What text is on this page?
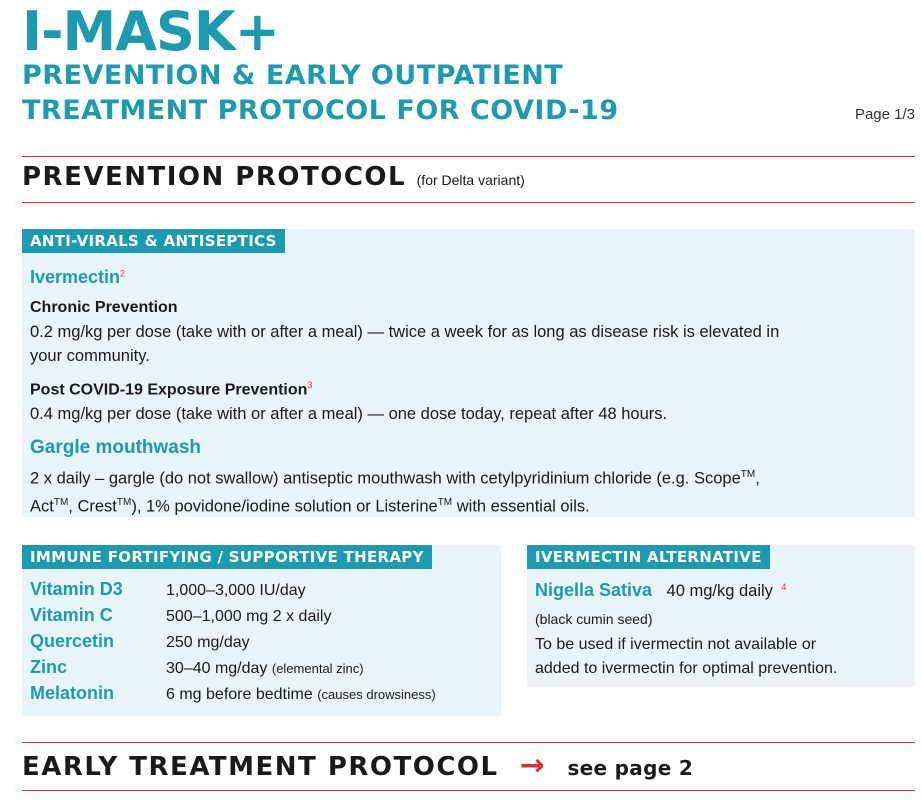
I-MASK+
PREVENTION & EARLY OUTPATIENT
TREATMENT PROTOCOL FOR COVID-19	Page 1/3
PREVENTION PROTOCOL (for Delta variant)
ANTI-VIRALS & ANTISEPTICS
Ivermectin$^2$
Chronic Prevention
0.2 mg/kg per dose (take with or after a meal) — twice a week for as long as disease risk is elevated in
your community.
Post COVID-19 Exposure Prevention$^3$
0.4 mg/kg per dose (take with or after a meal) — one dose today, repeat after 48 hours.
Gargle mouthwash
2 x daily – gargle (do not swallow) antiseptic mouthwash with cetylpyridinium chloride (e.g. Scope™,
Act™, Crest™), 1% povidone/iodine solution or Listerine™ with essential oils.
IMMUNE FORTIFYING / SUPPORTIVE THERAPY
Vitamin D3	1,000–3,000 IU/day
Vitamin C	500–1,000 mg 2 x daily
Quercetin	250 mg/day
Zinc	30–40 mg/day (elemental zinc)
Melatonin	6 mg before bedtime (causes drowsiness)
IVERMECTIN ALTERNATIVE
Nigella Sativa 40 mg/kg daily $^4$
(black cumin seed)
To be used if ivermectin not available or
added to ivermectin for optimal prevention.
EARLY TREATMENT PROTOCOL → see page 2
